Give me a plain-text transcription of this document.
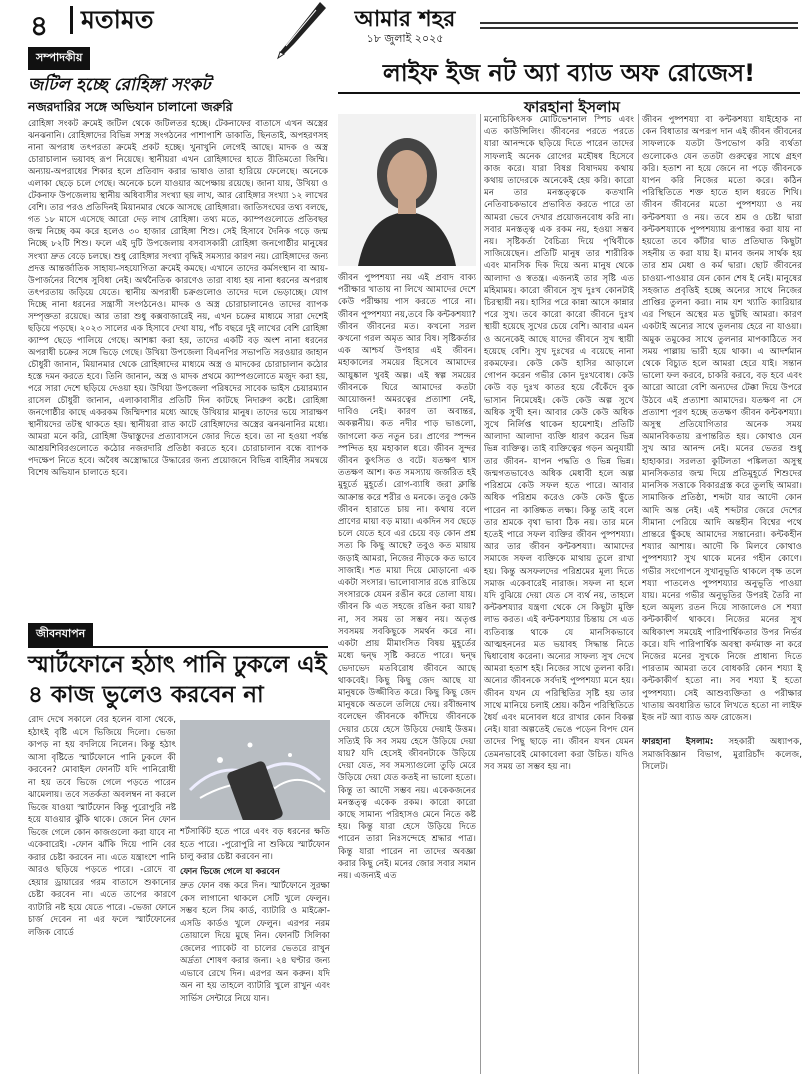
৪	মতামত	আমার শহর
১৮ জুলাই ২০২৫
সম্পাদকীয়
জটিল হচ্ছে রোহিঙ্গা সংকট
নজরদারির সঙ্গে অভিযান চালানো জরুরি
রোহিঙ্গা সংকট ক্রমেই জটিল থেকে জটিলতর হচ্ছে। টেকনাফের বাতাসে এখন অস্ত্রের ঝনঝনানি। রোহিঙ্গাদের বিভিন্ন সশস্ত্র সংগঠনের পাশাপাশি ডাকাতি, ছিনতাই, অপহরণসহ নানা অপরাধ তৎপরতা ক্রমেই প্রকট হচ্ছে। খুনাখুনি লেগেই আছে। মাদক ও অস্ত্র চোরাচালান ভয়াবহ রূপ নিয়েছে। স্থানীয়রা এখন রোহিঙ্গাদের হাতে রীতিমতো জিম্মি। অন্যায়-অপরাধের শিকার হলে প্রতিবাদ করার ভাষাও তারা হারিয়ে ফেলেছে। অনেকে এলাকা ছেড়ে চলে গেছে। অনেকে চলে যাওয়ার অপেক্ষায় রয়েছে। জানা যায়, উখিয়া ও টেকনাফ উপজেলায় স্থানীয় অধিবাসীর সংখ্যা ছয় লাখ, আর রোহিঙ্গার সংখ্যা ১২ লাখের বেশি। তার পরও প্রতিদিনই মিয়ানমার থেকে আসছে রোহিঙ্গারা। জাতিসংঘের তথ্য বলছে, গত ১৮ মাসে এসেছে আরো দেড় লাখ রোহিঙ্গা। তথ্য মতে, ক্যাম্পগুলোতে প্রতিবছর জন্ম নিচ্ছে কম করে হলেও ৩০ হাজার রোহিঙ্গা শিশু। সেই হিসাবে দৈনিক গড়ে জন্ম নিচ্ছে ৮২টি শিশু। ফলে এই দুটি উপজেলায় বসবাসকারী রোহিঙ্গা জনগোষ্ঠীর মানুষের সংখ্যা দ্রুত বেড়ে চলছে। শুধু রোহিঙ্গার সংখ্যা বৃদ্ধিই সমস্যার কারণ নয়। রোহিঙ্গাদের জন্য প্রদত্ত আন্তর্জাতিক সাহায্য-সহযোগিতা ক্রমেই কমছে। এখানে তাদের কর্মসংস্থান বা আয়-উপার্জনের বিশেষ সুবিধা নেই। অর্থনৈতিক কারণেও তারা বাধ্য হয় নানা ধরনের অপরাধ তৎপরতায় জড়িয়ে যেতে। স্থানীয় অপরাধী চক্রগুলোও তাদের দলে ভেড়াচ্ছে। যোগ দিচ্ছে নানা ধরনের সন্ত্রাসী সংগঠনেও। মাদক ও অস্ত্র চোরাচালানেও তাদের ব্যাপক সম্পৃক্ততা রয়েছে। আর তারা শুধু কক্সবাজারেই নয়, এখন চক্রের মাধ্যমে সারা দেশেই ছড়িয়ে পড়ছে। ২০২৩ সালের এক হিসাবে দেখা যায়, পাঁচ বছরে দুই লাখের বেশি রোহিঙ্গা ক্যাম্প ছেড়ে পালিয়ে গেছে। আশঙ্কা করা হয়, তাদের একটি বড় অংশ নানা ধরনের অপরাধী চক্রের সঙ্গে ভিড়ে গেছে। উখিয়া উপজেলা বিএনপির সভাপতি সরওয়ার জাহান চৌধুরী জানান, মিয়ানমার থেকে রোহিঙ্গাদের মাধ্যমে অস্ত্র ও মাদকের চোরাচালান কঠোর হস্তে দমন করতে হবে। তিনি জানান, অস্ত্র ও মাদক প্রথমে ক্যাম্পগুলোতে মজুদ করা হয়, পরে সারা দেশে ছড়িয়ে দেওয়া হয়। উখিয়া উপজেলা পরিষদের সাবেক ভাইস চেয়ারম্যান রাসেল চৌধুরী জানান, এলাকাবাসীর প্রতিটি দিন কাটছে নিদারুণ কষ্টে। রোহিঙ্গা জনগোষ্ঠীর কাছে একরকম জিম্মিদশার মধ্যে আছে উখিয়ার মানুষ। তাদের ভয়ে সারাক্ষণ স্থানীয়দের তটস্থ থাকতে হয়। স্থানীয়রা রাত কাটে রোহিঙ্গাদের অস্ত্রের ঝনঝনানির মধ্যে। আমরা মনে করি, রোহিঙ্গা উদ্বাস্তুদের প্রত্যাবাসনে জোর দিতে হবে। তা না হওয়া পর্যন্ত আশ্রয়শিবিরগুলোতে কঠোর নজরদারি প্রতিষ্ঠা করতে হবে। চোরাচালান বন্ধে ব্যাপক পদক্ষেপ নিতে হবে। অবৈধ অস্ত্রোদ্ধারে উদ্ধারের জন্য প্রয়োজনে বিভিন্ন বাহিনীর সমন্বয়ে বিশেষ অভিযান চালাতে হবে।
জীবনযাপন
স্মার্টফোনে হঠাৎ পানি ঢুকলে এই ৪ কাজ ভুলেও করবেন না
রোদ দেখে সকালে বের হলেন বাসা থেকে, হঠাৎই বৃষ্টি এসে ভিজিয়ে দিলো। ভেজা কাপড় না হয় বদলিয়ে নিলেন। কিন্তু হঠাৎ আসা বৃষ্টিতে স্মার্টফোনে পানি ঢুকলে কী করবেন? মোবাইল ফোনটি যদি পানিরোধী না হয় তবে ভিজে গেলে পড়তে পারেন ঝামেলায়। তবে সতর্কতা অবলম্বন না করলে ভিজে যাওয়া স্মার্টফোন কিন্তু পুরোপুরি নষ্ট হয়ে যাওয়ার ঝুঁকি থাকে। জেনে নিন ফোন ভিজে গেলে কোন কাজগুলো করা যাবে না একেবারেই। -ফোন ঝাঁকি দিয়ে পানি বের করার চেষ্টা করবেন না। এতে যন্ত্রাংশে পানি আরও ছড়িয়ে পড়তে পারে। -রোদে বা হেয়ার ড্রায়ারের গরম বাতাসে শুকানোর চেষ্টা করবেন না। এতে তাপের কারণে ব্যাটারি নষ্ট হয়ে যেতে পারে। -ভেজা ফোনে চার্জ দেবেন না এর ফলে স্মার্টফোনের লজিক বোর্ডে
শর্টসার্কিট হতে পারে এবং বড় ধরনের ক্ষতি হতে পারে। -পুরোপুরি না শুকিয়ে স্মার্টফোন চালু করার চেষ্টা করবেন না।
ফোন ভিজে গেলে যা করবেন
দ্রুত ফোন বন্ধ করে দিন। স্মার্টফোনে সুরক্ষা কেস লাগানো থাকলে সেটি খুলে ফেলুন। সম্ভব হলে সিম কার্ড, ব্যাটারি ও মাইক্রো-এসডি কার্ডও খুলে ফেলুন। এরপর নরম তোয়ালে দিয়ে মুছে নিন। ফোনটি সিলিকা জেলের প্যাকেট বা চালের ভেতরে রাখুন অর্দ্রতা শোষণ করার জন্য। ২৪ ঘণ্টার জন্য এভাবে রেখে দিন। এরপর অন করুন। যদি অন না হয় তাহলে ব্যাটারি খুলে রাখুন এবং সার্ভিস সেন্টারে নিয়ে যান।
লাইফ ইজ নট অ্যা ব্যাড অফ রোজেস!
ফারহানা ইসলাম
জীবন পুষ্পশয্যা নয় এই প্রবাদ বাক্য পরীক্ষার খাতায় না লিখে আমাদের দেশে কেউ পরীক্ষায় পাস করতে পারে না। জীবন পুষ্পশয্যা নয়,তবে কি কন্টকশয্যা? জীবন জীবনের মত। কখনো সরল কখনো গরল অমৃত আর বিষ। সৃষ্টিকর্তার এক আশ্চর্য উপহার এই জীবন। মহাকালের সময়ের হিসেবে আমাদের আয়ুষ্কাল খুবই অল্প। এই স্বল্প সময়ের জীবনকে ঘিরে আমাদের কতটা আয়োজন! অমরত্বের প্রত্যাশা নেই, দাবিও নেই। কারণ তা অবান্তর, অকল্পনীয়। কত নদীর পাড় ভাঙলো, জাগলো কত নতুন চর। প্রাণের স্পন্দন স্পন্দিত হয় মহাকাল ধরে। জীবন সুন্দর জীবন কুৎসিত ও বটে। যতক্ষণ শ্বাস ততক্ষণ আশ। কত সমস্যায় জর্জরিত হই মুহূর্তে মুহূর্তে। রোগ-ব্যাধি জরা ক্লান্তি আক্রান্ত করে শরীর ও মনকে। তবুও কেউ জীবন হারাতে চায় না। কথায় বলে প্রাণের মায়া বড় মায়া। একদিন সব ছেড়ে চলে যেতে হবে এর চেয়ে বড় কোন প্রশ্ন সত্য কি কিছু আছে? তবুও কত মায়ায় জড়াই আমরা, নিজের নীড়কে কত ভাবে সাজাই। শত মায়া দিয়ে মোড়ানো এক একটা সংসার। ভালোবাসার রঙে রাঙিয়ে সংসারকে যেমন রঙীন করে তোলা যায়। জীবন কি এত সহজে রঙিন করা যায়? না, সব সময় তা সম্ভব নয়। অতৃপ্ত সবসময় সবকিছুকে সমর্থন করে না। একটা প্রায় মীমাংসিত বিষয় মুহূর্তের মধ্যে দ্বন্দ্ব সৃষ্টি করতে পারে। দ্বন্দ্ব ভেদাভেদ মতবিরোধ জীবনে আছে থাকবেই। কিছু কিছু জেদ আছে যা মানুষকে উজ্জীবিত করে। কিছু কিছু জেদ মানুষকে অতলে তলিয়ে দেয়। রবীন্দ্রনাথ বলেছেন জীবনকে কাঁদিয়ে জীবনকে দেয়ার চেয়ে হেসে উড়িয়ে দেয়াই উত্তম। সত্যিই কি সব সময় হেসে উড়িয়ে দেয়া যায়? যদি হেসেই জীবনটাকে উড়িয়ে দেয়া যেত, সব সমস্যাগুলো তুড়ি মেরে উড়িয়ে দেয়া যেত কতই না ভালো হতো। কিন্তু তা আদৌ সম্ভব নয়। একেকজনের মনস্তত্ত্ব একেক রকম। কারো কারো কাছে সামান্য পরিহাসও মেনে নিতে কষ্ট হয়। কিন্তু যারা হেসে উড়িয়ে দিতে পারেন তারা নিঃসন্দেহে শ্রদ্ধার পাত্র। কিন্তু যারা পারেন না তাদের অবজ্ঞা করার কিছু নেই। মনের জোর সবার সমান নয়। এজন্যই এত
মনোচিকিৎসক মোটিভেশনাল স্পিচ এবং এত কাউন্সিলিং। জীবনের পরতে পরতে যারা আনন্দকে ছড়িয়ে দিতে পারেন তাদের সাফল্যই অনেক রোগের মহৌষধ হিসেবে কাজ করে। যারা বিষণ্ণ বিষাদময় কথায় কথায় তাদেরকে অনেকেই হেয় করি। কারো মন তার মনস্তত্ত্বকে কতখানি নেতিবাচকভাবে প্রভাবিত করতে পারে তা আমরা ভেবে দেখার প্রয়োজনবোধ করি না। সবার মনস্তত্ত্ব এক রকম নয়, হওয়া সম্ভব নয়। সৃষ্টিকর্তা বৈচিত্র্য দিয়ে পৃথিবীকে সাজিয়েছেন। প্রতিটি মানুষ তার শারীরিক এবং মানসিক দিক দিয়ে অন্য মানুষ থেকে আলাদা ও স্বতন্ত্র। এজন্যই তার সৃষ্টি এত মহিমাময়। কারো জীবনে সুখ দুঃখ কোনটাই চিরস্থায়ী নয়। হাসির পরে কান্না আসে কান্নার পরে সুখ। তবে কারো কারো জীবনে দুঃখ স্থায়ী হয়েছে সুখের চেয়ে বেশি। আবার এমন ও অনেকেই আছে যাদের জীবনে সুখ স্থায়ী হয়েছে বেশি। সুখ দুঃখের এ বয়েছে নানা রকমফের। কেউ কেউ হাসির আড়ালে গোপন করেন গভীর কোন দুঃখবোধ। কেউ কেউ বড় দুঃখ কাতর হয়ে বেঁকেঁদে বুক ভাসান নিমেষেই। কেউ কেউ অল্প সুখে অধিক সুখী হন। আবার কেউ কেউ অধিক সুখে নির্লিপ্ত থাকেন হামেশাই। প্রতিটি আলাদা আলাদা ব্যক্তি ধারণ করেন ভিন্ন ভিন্ন ব্যক্তিত্ব। তাই ব্যক্তিত্বের গড়ন অনুযায়ী তার জীবন- যাপন পদ্ধতি ও ভিন্ন ভিন্ন। জন্মগতভাবেও অধিক মেধাবী হলে অল্প পরিশ্রমে কেউ সফল হতে পারে। আবার অধিক পরিশ্রম করেও কেউ কেউ ছুঁতে পারেন না কাঙ্ক্ষিত লক্ষ্য। কিন্তু তাই বলে তার শ্রমকে বৃথা ভাবা ঠিক নয়। তার মনে হতেই পারে সফল ব্যক্তির জীবন পুষ্পশয্যা। আর তার জীবন কন্টকশয্যা। আমাদের সমাজে সফল ব্যক্তিকে মাথায় তুলে রাখা হয়। কিন্তু অসফলদের পরিশ্রমের মূল্য দিতে সমাজ একেবারেই নারাজ। সফল না হলে যদি বুঝিয়ে দেয়া যেত সে ব্যর্থ নয়, তাহলে কন্টকশয্যার যন্ত্রণা থেকে সে কিছুটা মুক্তি লাভ করত। এই কন্টকশয্যার চিন্তায় সে এত ব্যতিব্যস্ত থাকে যে মানসিকভাবে আত্মহননের মত ভয়াবহ সিদ্ধান্ত নিতে দ্বিধাবোধ করেনা। অন্যের সাফল্য সুখ দেখে আমরা হতাশ হই। নিজের সাথে তুলনা করি। অন্যের জীবনকে সর্বদাই পুষ্পশয্যা মনে হয়। জীবন যখন যে পরিস্থিতির সৃষ্টি হয় তার সাথে মানিয়ে চলাই শ্রেয়। কঠিন পরিস্থিতিতে ধৈর্য এবং মনোবল ধরে রাখার কোন বিকল্প নেই। যারা অল্পতেই ভেঙে পড়েন বিপদ যেন তাদের পিছু ছাড়ে না। জীবন যখন যেমন তেমনভাবেই মোকাবেলা করা উচিত। যদিও সব সময় তা সম্ভব হয় না।
জীবন পুষ্পশয্যা বা কন্টকশয্যা যাইহোক না কেন বিধাতার অপরূপ দান এই জীবন জীবনের সাফল্যকে যতটা উপভোগ করি ব্যর্থতা গুলোকেও যেন ততটা গুরুত্বের সাথে গ্রহণ করি। হতাশ না হয়ে জেনে না পড়ে জীবনকে যাপন করি নিজের মতো করে। কঠিন পরিস্থিতিতে শক্ত হাতে হাল ধরতে শিখি। জীবন জীবনের মতো পুষ্পশয্যা ও নয় কন্টকশয্যা ও নয়। তবে শ্রম ও চেষ্টা দ্বারা কন্টকশয্যাকে পুষ্পশয্যায় রূপান্তর করা যায় না হয়তো তবে কাঁটার ঘাত প্রতিঘাত কিছুটা সহনীয় ত করা যায় ই। মানব জনম সার্থক হয় তার শ্রম মেধা ও কর্ম দ্বারা। ছোট জীবনের চাওয়া-পাওয়ার যেন কোন শেষ ই নেই। মানুষের সহজাত প্রবৃত্তিই হচ্ছে অন্যের সাথে নিজের প্রাপ্তির তুলনা করা। নাম যশ খ্যাতি ক্যারিয়ার এর পিছনে অস্থের মত ছুটছি আমরা। কারণ একটাই অন্যের সাথে তুলনায় হেরে না যাওয়া। অমুক তমুকের সাথে তুলনার মাপকাঠিতে সব সময় পাল্লায় ভারী হয়ে থাকা। এ আদর্শমান থেকে বিচ্যুত হলে আমরা হেরে যাই। সন্তান ভালো ফল করবে, চাকরি করবে, বড় হবে এবং আরো আরো বেশি অন্যদের টেক্কা দিয়ে উপরে উঠবে এই প্রত্যাশা আমাদের। যতক্ষণ না সে প্রত্যাশা পূরণ হচ্ছে ততক্ষণ জীবন কন্টকশয্যা। অসুস্থ প্রতিযোগিতার অনেক সময় অমানবিকতায় রূপান্তরিত হয়। কোথাও যেন সুখ আর আনন্দ নেই। মনের ভেতর শুধু হাহাকার। সরলতা কুটিলতা পঙ্কিলতা অসুস্থ মানসিকতার জন্ম দিয়ে প্রতিমুহূর্তে শিশুদের মানসিক সত্তাকে বিকারগ্রস্ত করে তুলছি আমরা। সামাজিক প্রতিষ্ঠা, শব্দটা যার আদৌ কোন আদি অন্ত নেই। এই শব্দটার জেরে দেশের সীমানা পেরিয়ে আদি অন্তহীন বিশ্বের পথে প্রান্তরে ছুঁকছে আমাদের সন্তানেরা। কন্টকহীন শয্যার আশায়। আদৌ কি মিলবে কোথাও পুষ্পশয্যা? সুখ থাকে মনের গহীন কোণে। গভীর সংগোপনে সুখানুভূতি থাকলে বৃক্ষ তলে শয্যা পাতলেও পুষ্পশয্যার অনুভূতি পাওয়া যায়। মনের গভীর অনুভূতির উপরই তৈরি না হলে অমূল্য রতন দিয়ে সাজালেও সে শয্যা কন্টকাকীর্ণ থাকবে। নিজের মনের সুখ অধিকাংশ সময়েই পারিপার্শ্বিকতার উপর নির্ভর করে। যদি পারিপার্শ্বিক অবস্থা কর্দমাক্ত না করে নিজের মনের সুখকে নিজে প্রাধান্য দিতে পারতাম আমরা তবে বোধকরি কোন শয্যা ই কন্টকাকীর্ণ হতো না। সব শয্যা ই হতো পুষ্পশয্যা। সেই আশুব্যক্তিতা ও পরীক্ষার খাতায় অবধারিত ভাবে লিখতে হতো না লাইফ ইজ নট অ্যা ব্যাড অফ রোজেস।

ফারহানা ইসলাম: সহকারী অধ্যাপক, সমাজবিজ্ঞান বিভাগ, মুরারিচাঁদ কলেজ, সিলেট।
